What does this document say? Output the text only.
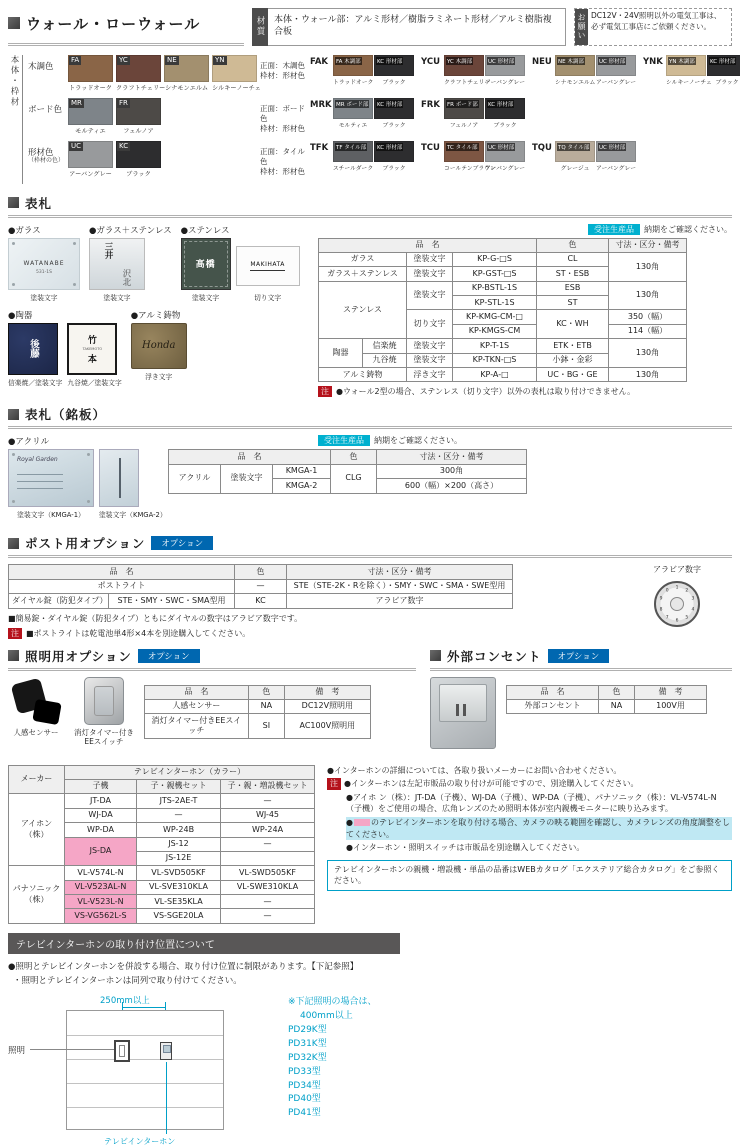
ウォール・ローウォール	材質	本体・ウォール部：アルミ形材／樹脂ラミネート形材／アルミ樹脂複合板	お願い DC12V・24V照明以外の電気工事は、必ず電気工事店にご依頼ください。
本体・枠材	木調色
FA
トラッドオーク
YC
クラフトチェリー
NE
シナモンエルム
YN
シルキーノーチェ
正面：木調色
枠材：形材色
FAK	FA 木調部
トラッドオーク
KC 形材部
ブラック
YCU	YC 木調部
クラフトチェリー
UC 形材部
アーバングレー
NEU NE 木調部
シナモンエルム
UC 形材部
アーバングレー
YNK YN 木調部
シルキーノーチェ
KC 形材部
ブラック
ボード色
MR
モルティエ
FR
フェルノア
正面：ボード色
枠材：形材色
MRK MR ボード部
モルティエ
KC 形材部
ブラック
FRK	FR ボード部
フェルノア
KC 形材部
ブラック
形材色
（枠材の色）
UC
アーバングレー
KC
ブラック
正面：タイル色
枠材：形材色
TFK	TF タイル部
スチールダーク
KC 形材部
ブラック
TCU	TC タイル部
コールテンブラウン
UC 形材部
アーバングレー
TQU TQ タイル部
グレージュ
UC 形材部
アーバングレー
表札
●ガラス
WATANABE
531-1S
塗装文字
●ガラス＋ステンレス
三井
沢北
塗装文字
●ステンレス
高橋
塗装文字
MAKIHATA
切り文字
●陶器
後藤
信楽焼／塗装文字
竹
TAKEMOTO
本
九谷焼／塗装文字
●アルミ鋳物
Honda
浮き文字
受注生産品	納期をご確認ください。
品　名				色	寸法・区分・備考
ガラス		塗装文字	KP-G-□S	CL	130角
ガラス＋ステンレス		塗装文字	KP-GST-□S	ST・ESB	
ステンレス		塗装文字	KP-BSTL-1S	ESB	130角
			KP-STL-1S	ST	
		切り文字	KP-KMG-CM-□	KC・WH	350（幅）
			KP-KMGS-CM		114（幅）
陶器	信楽焼	塗装文字	KP-T-1S	ETK・ETB	130角
	九谷焼	塗装文字	KP-TKN-□S	小鉢・金彩	
アルミ鋳物		浮き文字	KP-A-□	UC・BG・GE	130角
注 ●ウォール2型の場合、ステンレス（切り文字）以外の表札は取り付けできません。
表札（銘板）
●アクリル
Royal Garden
塗装文字（KMGA-1）	塗装文字（KMGA-2）
受注生産品	納期をご確認ください。
品　名			色	寸法・区分・備考
アクリル	塗装文字	KMGA-1	CLG	300角
		KMGA-2		600（幅）×200（高さ）
ポスト用オプション	オプション
品　名		色	寸法・区分・備考
ポストライト		—	STE（STE-2K・Rを除く）・SMY・SWC・SMA・SWE型用
ダイヤル錠（防犯タイプ）	STE・SMY・SWC・SMA型用	KC	アラビア数字
■簡易錠・ダイヤル錠（防犯タイプ）ともにダイヤルの数字はアラビア数字です。
注 ■ポストライトは乾電池単4形×4本を別途購入してください。
アラビア数字
1
2
3
4
5
6
7
8
9
0
照明用オプション	オプション
人感センサー	消灯タイマー付き
EEスイッチ
品　名	色	備　考
人感センサー	NA	DC12V照明用
消灯タイマー付きEEスイッチ	SI	AC100V照明用
外部コンセント	オプション
品　名	色	備　考
外部コンセント	NA	100V用
メーカー	テレビインターホン（カラー）		
	子機	子・親機セット	子・親・増設機セット
アイホン（株）	JT-DA	JTS-2AE-T	—
	WJ-DA	—	WJ-45
	WP-DA	WP-24B	WP-24A
	JS-DA	JS-12	—
		JS-12E	
パナソニック（株）	VL-V574L-N	VL-SVD505KF	VL-SWD505KF
	VL-V523AL-N	VL-SVE310KLA	VL-SWE310KLA
	VL-V523L-N	VL-SE35KLA	—
	VS-VG562L-S	VS-SGE20LA	—
●インターホンの詳細については、各取り扱いメーカーにお問い合わせください。
注 ●インターホンは左記市販品の取り付けが可能ですので、別途購入してください。
●アイホ ン（株）：JT-DA（子機）、WJ-DA（子機）、WP-DA（子機）、パナソニック（株）：VL-V574L-N（子機）をご使用の場合、広角レンズのため照明本体が室内親機モニターに映り込みます。
● のテレビインターホンを取り付ける場合、カメラの映る範囲を確認し、カメラレンズの角度調整をしてください。
●インターホン・照明スイッチは市販品を別途購入してください。
テレビインターホンの親機・増設機・単品の品番はWEBカタログ「エクステリア総合カタログ」をご参照ください。
テレビインターホンの取り付け位置について
●照明とテレビインターホンを併設する場合、取り付け位置に制限があります。【下記参照】
・照明とテレビインターホンは同列で取り付けてください。
250mm以上
照明
テレビインターホン
※下記照明の場合は、
400mm以上
PD29K型
PD31K型
PD32K型
PD33型
PD34型
PD40型
PD41型
